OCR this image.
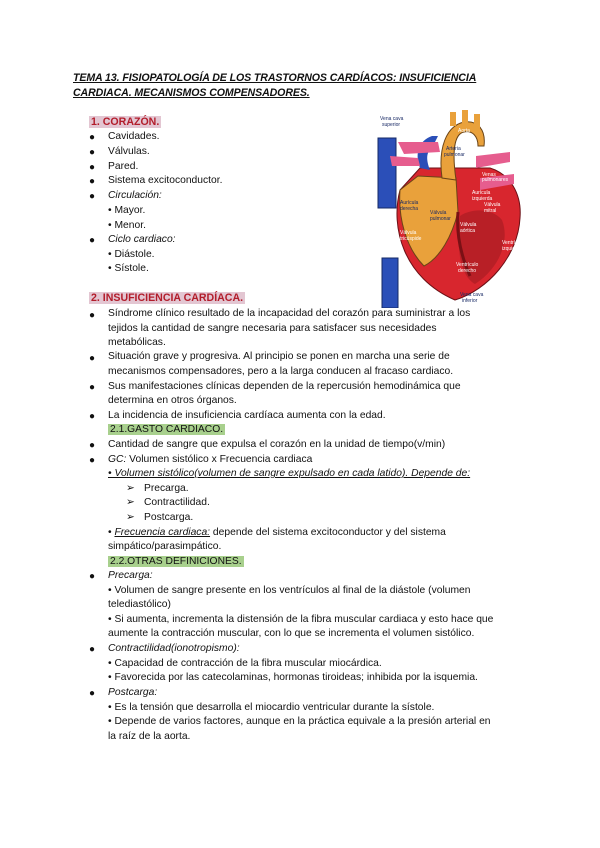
TEMA 13. FISIOPATOLOGÍA DE LOS TRASTORNOS CARDÍACOS: INSUFICIENCIA CARDIACA. MECANISMOS COMPENSADORES.
1. CORAZÓN.
● Cavidades.
● Válvulas.
● Pared.
● Sistema excitoconductor.
● Circulación:
• Mayor.
• Menor.
● Ciclo cardiaco:
• Diástole.
• Sístole.
Vena cava
superior
Aorta
Arteria
pulmonar
Venas
pulmonares
Aurícula
derecha
Aurícula
izquierda
Válvula
mitral
Válvula
aórtica
Válvula
pulmonar
Válvula
tricúspide
Ventrículo
izquierdo
Ventrículo
derecho
Vena cava
inferior
2. INSUFICIENCIA CARDÍACA.
● Síndrome clínico resultado de la incapacidad del corazón para suministrar a los
tejidos la cantidad de sangre necesaria para satisfacer sus necesidades
metabólicas.
● Situación grave y progresiva. Al principio se ponen en marcha una serie de
mecanismos compensadores, pero a la larga conducen al fracaso cardiaco.
● Sus manifestaciones clínicas dependen de la repercusión hemodinámica que
determina en otros órganos.
● La incidencia de insuficiencia cardíaca aumenta con la edad.
2.1.GASTO CARDIACO.
● Cantidad de sangre que expulsa el corazón en la unidad de tiempo(v/min)
● GC: Volumen sistólico x Frecuencia cardiaca
• Volumen sistólico(volumen de sangre expulsado en cada latido). Depende de:
➢ Precarga.
➢ Contractilidad.
➢ Postcarga.
• Frecuencia cardiaca: depende del sistema excitoconductor y del sistema
simpático/parasimpático.
2.2.OTRAS DEFINICIONES.
● Precarga:
• Volumen de sangre presente en los ventrículos al final de la diástole (volumen
telediastólico)
• Si aumenta, incrementa la distensión de la fibra muscular cardiaca y esto hace que
aumente la contracción muscular, con lo que se incrementa el volumen sistólico.
● Contractilidad(ionotropismo):
• Capacidad de contracción de la fibra muscular miocárdica.
• Favorecida por las catecolaminas, hormonas tiroideas; inhibida por la isquemia.
● Postcarga:
• Es la tensión que desarrolla el miocardio ventricular durante la sístole.
• Depende de varios factores, aunque en la práctica equivale a la presión arterial en
la raíz de la aorta.
